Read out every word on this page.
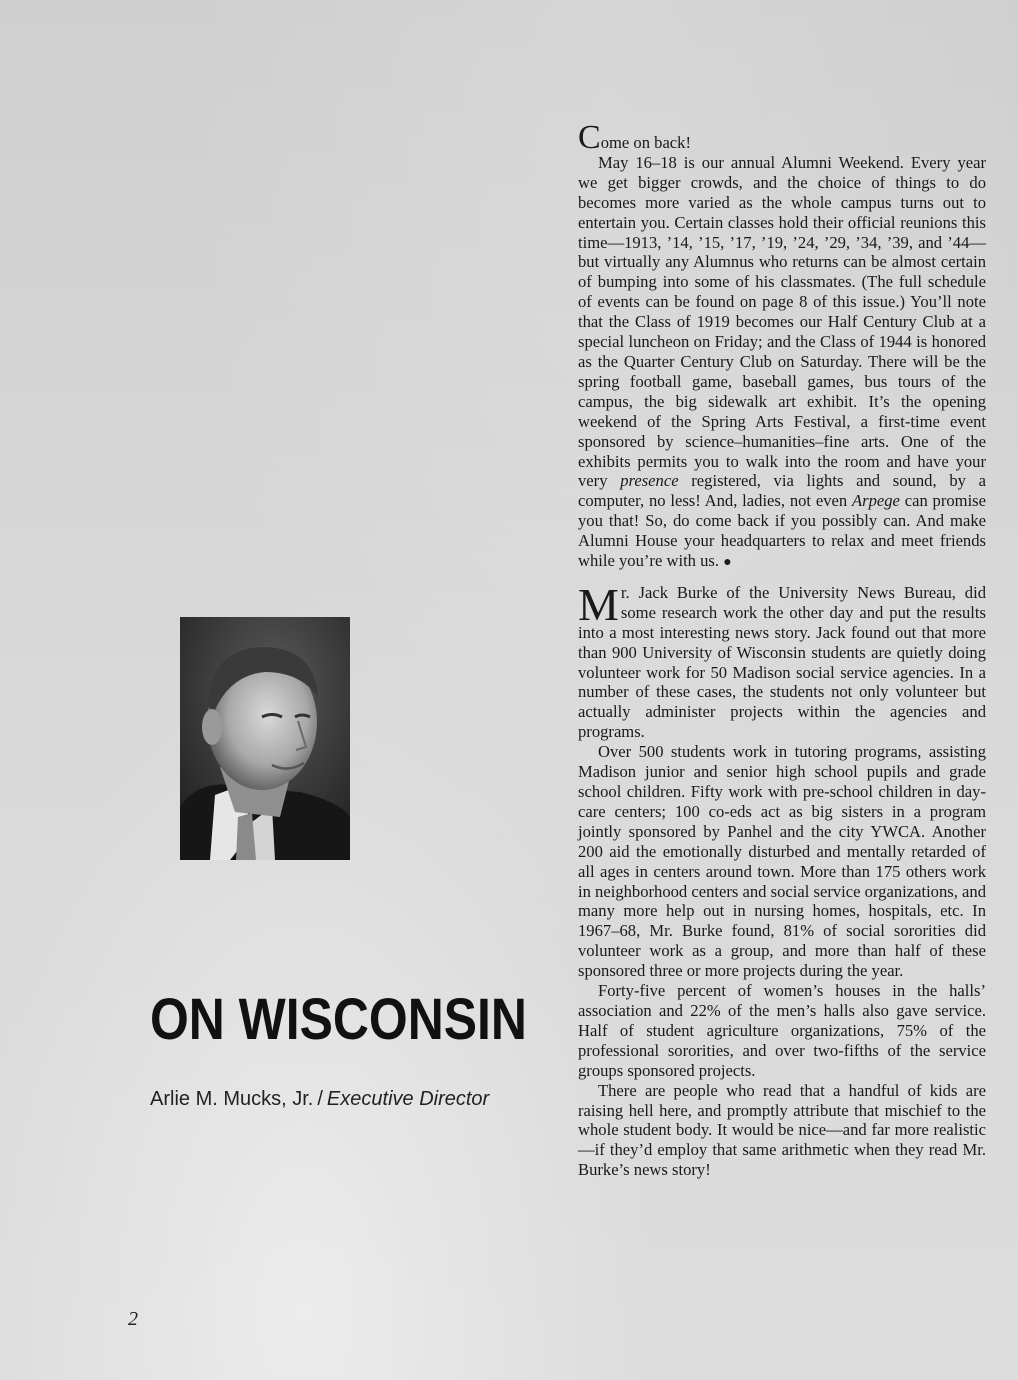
ON WISCONSIN
Arlie M. Mucks, Jr. / Executive Director
2

Come on back!

May 16–18 is our annual Alumni Weekend. Every year we get bigger crowds, and the choice of things to do becomes more varied as the whole campus turns out to entertain you. Certain classes hold their official reunions this time—1913, ’14, ’15, ’17, ’19, ’24, ’29, ’34, ’39, and ’44—but virtually any Alumnus who returns can be almost certain of bumping into some of his classmates. (The full schedule of events can be found on page 8 of this issue.) You’ll note that the Class of 1919 becomes our Half Century Club at a special luncheon on Friday; and the Class of 1944 is honored as the Quarter Century Club on Saturday. There will be the spring football game, baseball games, bus tours of the campus, the big sidewalk art exhibit. It’s the opening weekend of the Spring Arts Festival, a first-time event sponsored by science–humanities–fine arts. One of the exhibits permits you to walk into the room and have your very presence registered, via lights and sound, by a computer, no less! And, ladies, not even Arpege can promise you that! So, do come back if you possibly can. And make Alumni House your headquarters to relax and meet friends while you’re with us. ●

Mr. Jack Burke of the University News Bureau, did some research work the other day and put the results into a most interesting news story. Jack found out that more than 900 University of Wisconsin students are quietly doing volunteer work for 50 Madison social service agencies. In a number of these cases, the students not only volunteer but actually administer projects within the agencies and programs.

Over 500 students work in tutoring programs, assisting Madison junior and senior high school pupils and grade school children. Fifty work with pre-school children in day-care centers; 100 co-eds act as big sisters in a program jointly sponsored by Panhel and the city YWCA. Another 200 aid the emotionally disturbed and mentally retarded of all ages in centers around town. More than 175 others work in neighborhood centers and social service organizations, and many more help out in nursing homes, hospitals, etc. In 1967–68, Mr. Burke found, 81% of social sororities did volunteer work as a group, and more than half of these sponsored three or more projects during the year.

Forty-five percent of women’s houses in the halls’ association and 22% of the men’s halls also gave service. Half of student agriculture organizations, 75% of the professional sororities, and over two-fifths of the service groups sponsored projects.

There are people who read that a handful of kids are raising hell here, and promptly attribute that mischief to the whole student body. It would be nice—and far more realistic—if they’d employ that same arithmetic when they read Mr. Burke’s news story!
